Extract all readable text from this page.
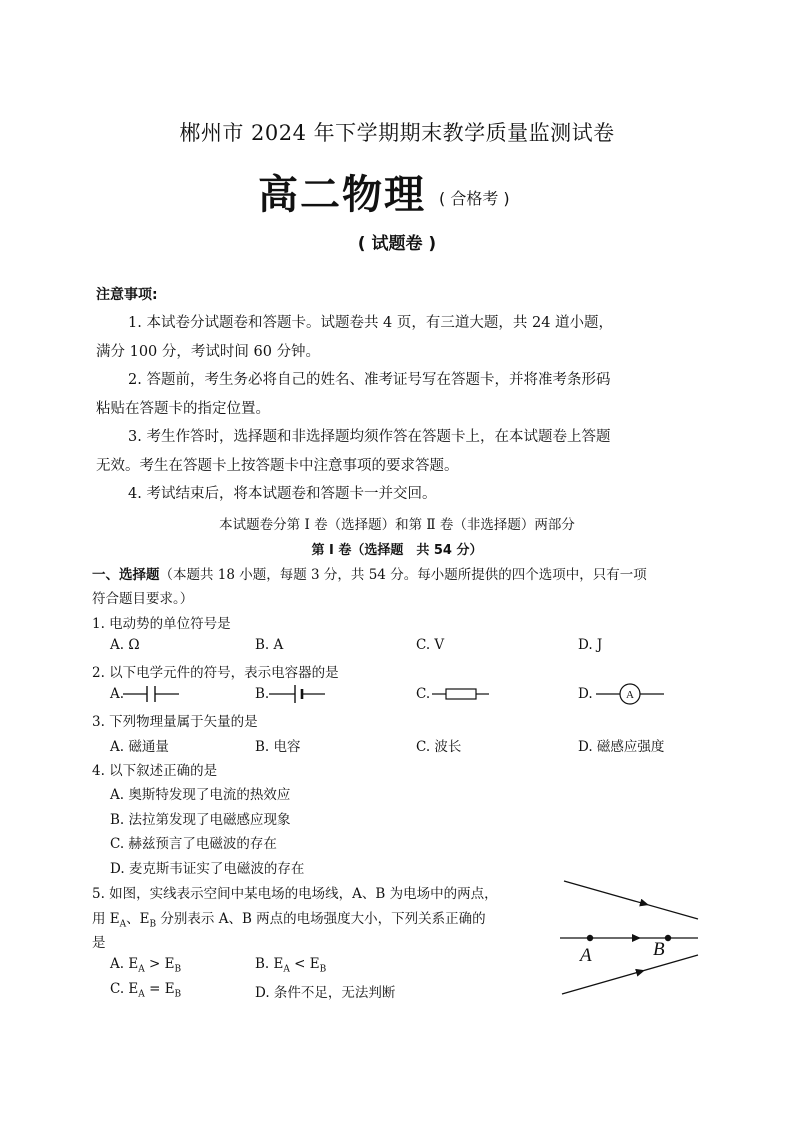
郴州市 2024 年下学期期末教学质量监测试卷
高二物理 ( 合格考 )
( 试题卷 )
注意事项:
1. 本试卷分试题卷和答题卡。试题卷共 4 页，有三道大题，共 24 道小题，
满分 100 分，考试时间 60 分钟。
2. 答题前，考生务必将自己的姓名、准考证号写在答题卡，并将准考条形码
粘贴在答题卡的指定位置。
3. 考生作答时，选择题和非选择题均须作答在答题卡上，在本试题卷上答题
无效。考生在答题卡上按答题卡中注意事项的要求答题。
4. 考试结束后，将本试题卷和答题卡一并交回。
本试题卷分第 Ⅰ 卷（选择题）和第 Ⅱ 卷（非选择题）两部分
第 Ⅰ 卷（选择题　共 54 分）
一、选择题（本题共 18 小题，每题 3 分，共 54 分。每小题所提供的四个选项中，只有一项
符合题目要求。）
1. 电动势的单位符号是
A. Ω	B. A	C. V	D. J
2. 以下电学元件的符号，表示电容器的是
A.	B.	C.	D.	A
3. 下列物理量属于矢量的是
A. 磁通量	B. 电容	C. 波长	D. 磁感应强度
4. 以下叙述正确的是
A. 奥斯特发现了电流的热效应
B. 法拉第发现了电磁感应现象
C. 赫兹预言了电磁波的存在
D. 麦克斯韦证实了电磁波的存在
5. 如图，实线表示空间中某电场的电场线，A、B 为电场中的两点，
用 $E_A$、$E_B$ 分别表示 A、B 两点的电场强度大小，下列关系正确的
是
A. $E_A > E_B$	B. $E_A < E_B$
C. $E_A = E_B$	D. 条件不足，无法判断
A	B
